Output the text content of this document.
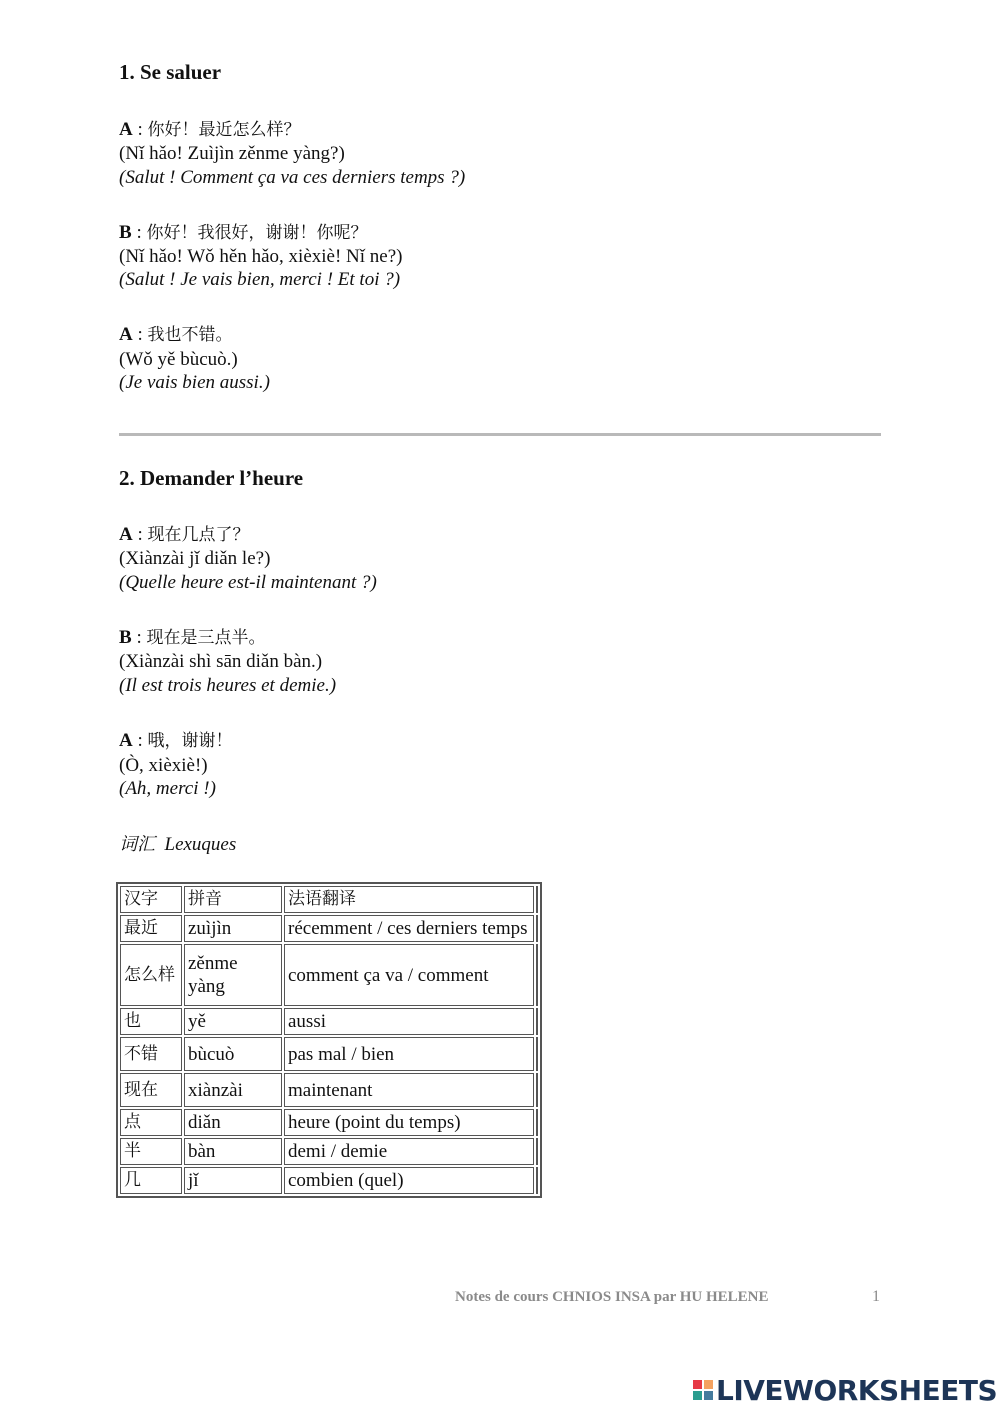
1. Se saluer
A : 你好！最近怎么样？
(Nǐ hǎo! Zuìjìn zěnme yàng?)
(Salut ! Comment ça va ces derniers temps ?)
B : 你好！我很好，谢谢！你呢？
(Nǐ hǎo! Wǒ hěn hǎo, xièxiè! Nǐ ne?)
(Salut ! Je vais bien, merci ! Et toi ?)
A : 我也不错。
(Wǒ yě bùcuò.)
(Je vais bien aussi.)
2. Demander l’heure
A : 现在几点了？
(Xiànzài jǐ diǎn le?)
(Quelle heure est-il maintenant ?)
B : 现在是三点半。
(Xiànzài shì sān diǎn bàn.)
(Il est trois heures et demie.)
A : 哦，谢谢！
(Ò, xièxiè!)
(Ah, merci !)
词汇 Lexuques
汉字	拼音	法语翻译	
最近	zuìjìn	récemment / ces derniers temps	
怎么样	zěnme yàng	comment ça va / comment	
也	yě	aussi	
不错	bùcuò	pas mal / bien	
现在	xiànzài	maintenant	
点	diǎn	heure (point du temps)	
半	bàn	demi / demie	
几	jǐ	combien (quel)	
Notes de cours CHNIOS INSA par HU HELENE	1
LIVEWORKSHEETS
